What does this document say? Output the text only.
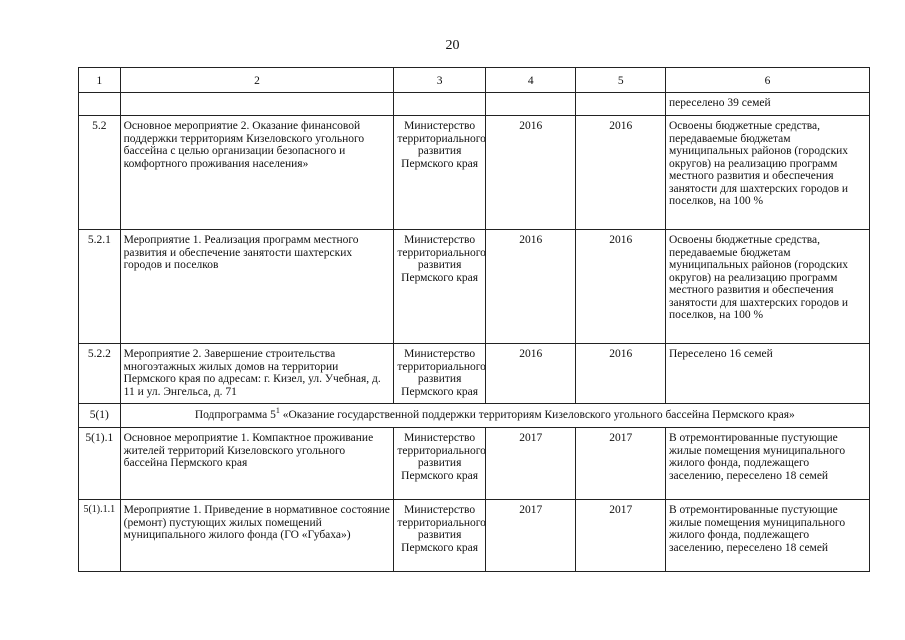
20
1	2	3	4	5	6
					переселено 39 семей
5.2	Основное мероприятие 2. Оказание финансовой поддержки территориям Кизеловского угольного бассейна с целью организации безопасного и комфортного проживания населения»	Министерство территориального развития Пермского края	2016	2016	Освоены бюджетные средства, передаваемые бюджетам муниципальных районов (городских округов) на реализацию программ местного развития и обеспечения занятости для шахтерских городов и поселков, на 100 %
5.2.1	Мероприятие 1. Реализация программ местного развития и обеспечение занятости шахтерских городов и поселков	Министерство территориального развития Пермского края	2016	2016	Освоены бюджетные средства, передаваемые бюджетам муниципальных районов (городских округов) на реализацию программ местного развития и обеспечения занятости для шахтерских городов и поселков, на 100 %
5.2.2	Мероприятие 2. Завершение строительства многоэтажных жилых домов на территории Пермского края по адресам: г. Кизел, ул. Учебная, д. 11 и ул. Энгельса, д. 71	Министерство территориального развития Пермского края	2016	2016	Переселено 16 семей
5(1)	Подпрограмма $5^1$ «Оказание государственной поддержки территориям Кизеловского угольного бассейна Пермского края»				
5(1).1	Основное мероприятие 1. Компактное проживание жителей территорий Кизеловского угольного бассейна Пермского края	Министерство территориального развития Пермского края	2017	2017	В отремонтированные пустующие жилые помещения муниципального жилого фонда, подлежащего заселению, переселено 18 семей
5(1).1.1	Мероприятие 1. Приведение в нормативное состояние (ремонт) пустующих жилых помещений муниципального жилого фонда (ГО «Губаха»)	Министерство территориального развития Пермского края	2017	2017	В отремонтированные пустующие жилые помещения муниципального жилого фонда, подлежащего заселению, переселено 18 семей
